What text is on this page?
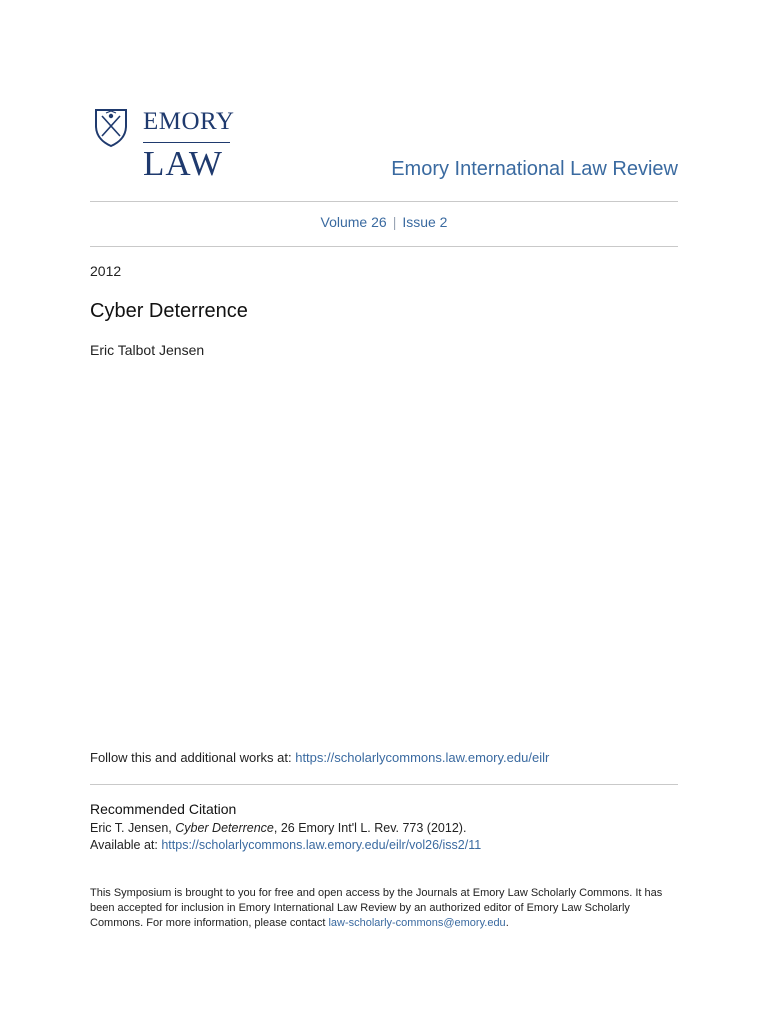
EMORY
LAW	Emory International Law Review
Volume 26 | Issue 2
2012
Cyber Deterrence
Eric Talbot Jensen
Follow this and additional works at: https://scholarlycommons.law.emory.edu/eilr
Recommended Citation
Eric T. Jensen, Cyber Deterrence, 26 Emory Int'l L. Rev. 773 (2012).
Available at: https://scholarlycommons.law.emory.edu/eilr/vol26/iss2/11
This Symposium is brought to you for free and open access by the Journals at Emory Law Scholarly Commons. It has been accepted for inclusion in Emory International Law Review by an authorized editor of Emory Law Scholarly Commons. For more information, please contact law-scholarly-commons@emory.edu.
